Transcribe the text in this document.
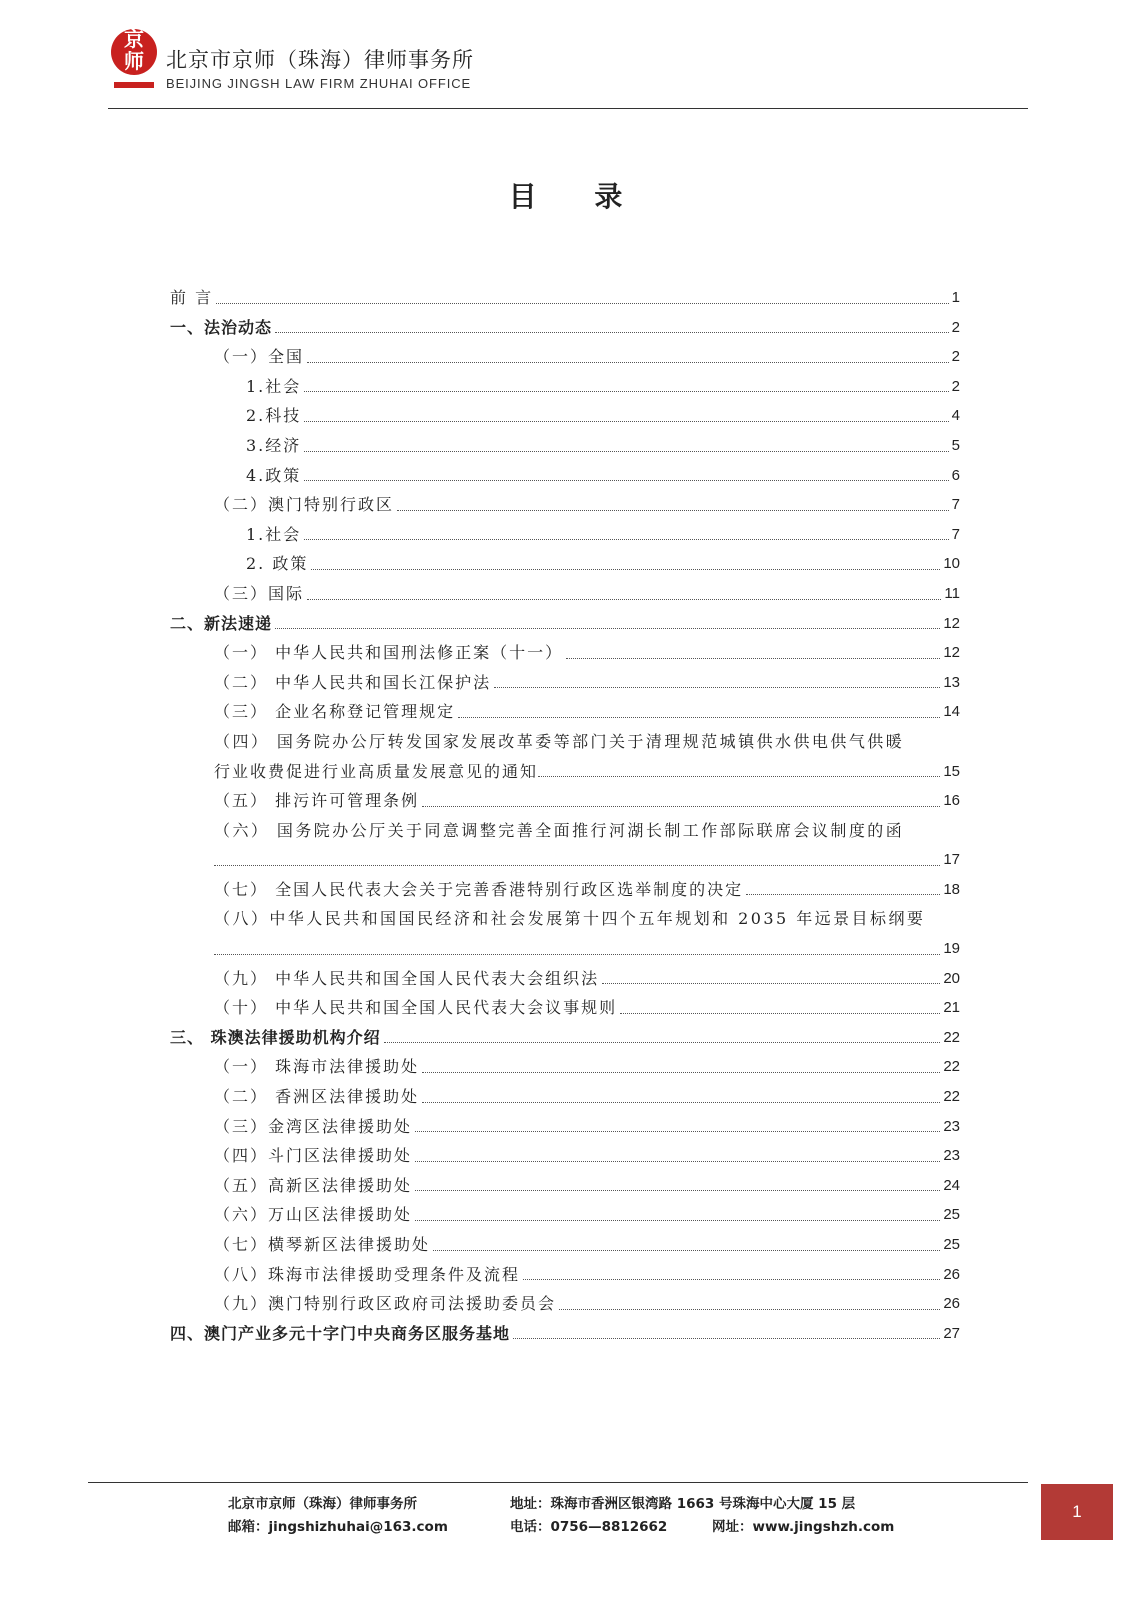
京
师 北京市京师（珠海）律师事务所
BEIJING JINGSH LAW FIRM ZHUHAI OFFICE
目 录
前 言	1
一、法治动态	2
（一）全国	2
1.社会	2
2.科技	4
3.经济	5
4.政策	6
（二）澳门特别行政区	7
1.社会	7
2. 政策	10
（三）国际	11
二、新法速递	12
（一） 中华人民共和国刑法修正案（十一）	12
（二） 中华人民共和国长江保护法	13
（三） 企业名称登记管理规定	14
（四） 国务院办公厅转发国家发展改革委等部门关于清理规范城镇供水供电供气供暖
行业收费促进行业高质量发展意见的通知	15
（五） 排污许可管理条例	16
（六） 国务院办公厅关于同意调整完善全面推行河湖长制工作部际联席会议制度的函
17
（七） 全国人民代表大会关于完善香港特别行政区选举制度的决定	18
（八）中华人民共和国国民经济和社会发展第十四个五年规划和 2035 年远景目标纲要
19
（九） 中华人民共和国全国人民代表大会组织法	20
（十） 中华人民共和国全国人民代表大会议事规则	21
三、 珠澳法律援助机构介绍	22
（一） 珠海市法律援助处	22
（二） 香洲区法律援助处	22
（三）金湾区法律援助处	23
（四）斗门区法律援助处	23
（五）高新区法律援助处	24
（六）万山区法律援助处	25
（七）横琴新区法律援助处	25
（八）珠海市法律援助受理条件及流程	26
（九）澳门特别行政区政府司法援助委员会	26
四、澳门产业多元十字门中央商务区服务基地	27
北京市京师（珠海）律师事务所
邮箱：jingshizhuhai@163.com
地址：珠海市香洲区银湾路 1663 号珠海中心大厦 15 层
电话：0756—8812662	网址：www.jingshzh.com
1
